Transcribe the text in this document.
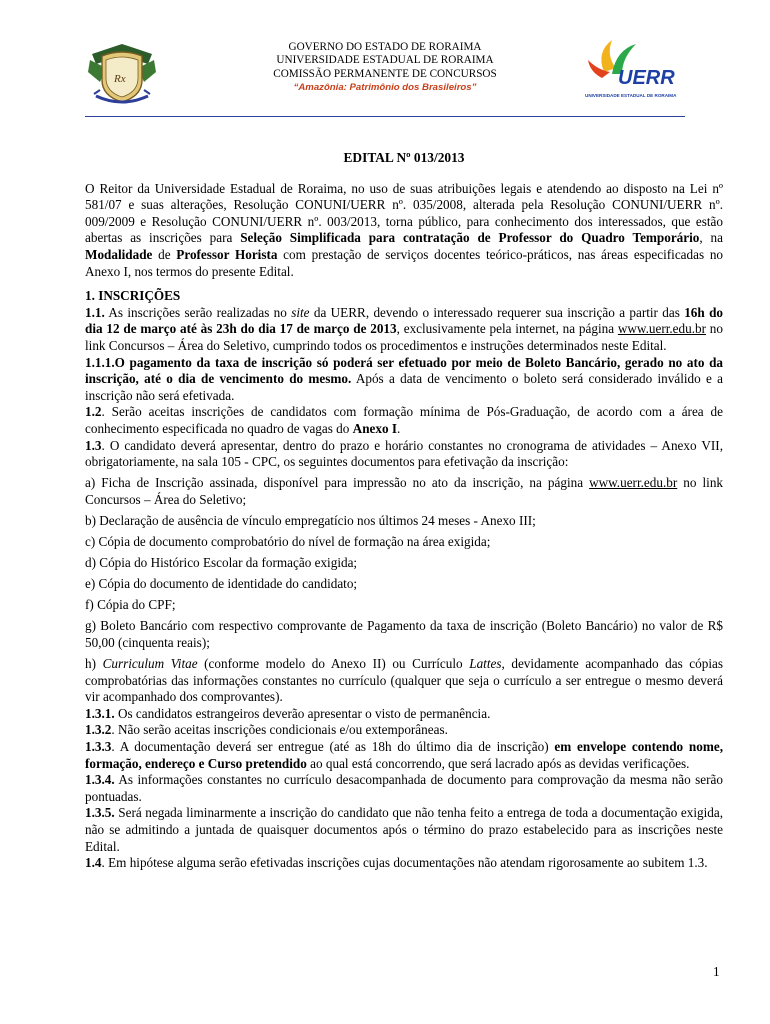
Rx
GOVERNO DO ESTADO DE RORAIMA
UNIVERSIDADE ESTADUAL DE RORAIMA
COMISSÃO PERMANENTE DE CONCURSOS
“Amazônia: Patrimônio dos Brasileiros”	UERR
UNIVERSIDADE ESTADUAL DE RORAIMA

EDITAL Nº 013/2013

O Reitor da Universidade Estadual de Roraima, no uso de suas atribuições legais e atendendo ao disposto na Lei nº 581/07 e suas alterações, Resolução CONUNI/UERR nº. 035/2008, alterada pela Resolução CONUNI/UERR nº. 009/2009 e Resolução CONUNI/UERR nº. 003/2013, torna público, para conhecimento dos interessados, que estão abertas as inscrições para Seleção Simplificada para contratação de Professor do Quadro Temporário, na Modalidade de Professor Horista com prestação de serviços docentes teórico-práticos, nas áreas especificadas no Anexo I, nos termos do presente Edital.

1. INSCRIÇÕES

1.1. As inscrições serão realizadas no site da UERR, devendo o interessado requerer sua inscrição a partir das 16h do dia 12 de março até às 23h do dia 17 de março de 2013, exclusivamente pela internet, na página www.uerr.edu.br no link Concursos – Área do Seletivo, cumprindo todos os procedimentos e instruções determinados neste Edital.

1.1.1.O pagamento da taxa de inscrição só poderá ser efetuado por meio de Boleto Bancário, gerado no ato da inscrição, até o dia de vencimento do mesmo. Após a data de vencimento o boleto será considerado inválido e a inscrição não será efetivada.

1.2. Serão aceitas inscrições de candidatos com formação mínima de Pós-Graduação, de acordo com a área de conhecimento especificada no quadro de vagas do Anexo I.

1.3. O candidato deverá apresentar, dentro do prazo e horário constantes no cronograma de atividades – Anexo VII, obrigatoriamente, na sala 105 - CPC, os seguintes documentos para efetivação da inscrição:

a) Ficha de Inscrição assinada, disponível para impressão no ato da inscrição, na página www.uerr.edu.br no link Concursos – Área do Seletivo;

b) Declaração de ausência de vínculo empregatício nos últimos 24 meses - Anexo III;

c) Cópia de documento comprobatório do nível de formação na área exigida;

d) Cópia do Histórico Escolar da formação exigida;

e) Cópia do documento de identidade do candidato;

f) Cópia do CPF;

g) Boleto Bancário com respectivo comprovante de Pagamento da taxa de inscrição (Boleto Bancário) no valor de R$ 50,00 (cinquenta reais);

h) Curriculum Vitae (conforme modelo do Anexo II) ou Currículo Lattes, devidamente acompanhado das cópias comprobatórias das informações constantes no currículo (qualquer que seja o currículo a ser entregue o mesmo deverá vir acompanhado dos comprovantes).

1.3.1. Os candidatos estrangeiros deverão apresentar o visto de permanência.

1.3.2. Não serão aceitas inscrições condicionais e/ou extemporâneas.

1.3.3. A documentação deverá ser entregue (até as 18h do último dia de inscrição) em envelope contendo nome, formação, endereço e Curso pretendido ao qual está concorrendo, que será lacrado após as devidas verificações.

1.3.4. As informações constantes no currículo desacompanhada de documento para comprovação da mesma não serão pontuadas.

1.3.5. Será negada liminarmente a inscrição do candidato que não tenha feito a entrega de toda a documentação exigida, não se admitindo a juntada de quaisquer documentos após o término do prazo estabelecido para as inscrições neste Edital.

1.4. Em hipótese alguma serão efetivadas inscrições cujas documentações não atendam rigorosamente ao subitem 1.3.

1
